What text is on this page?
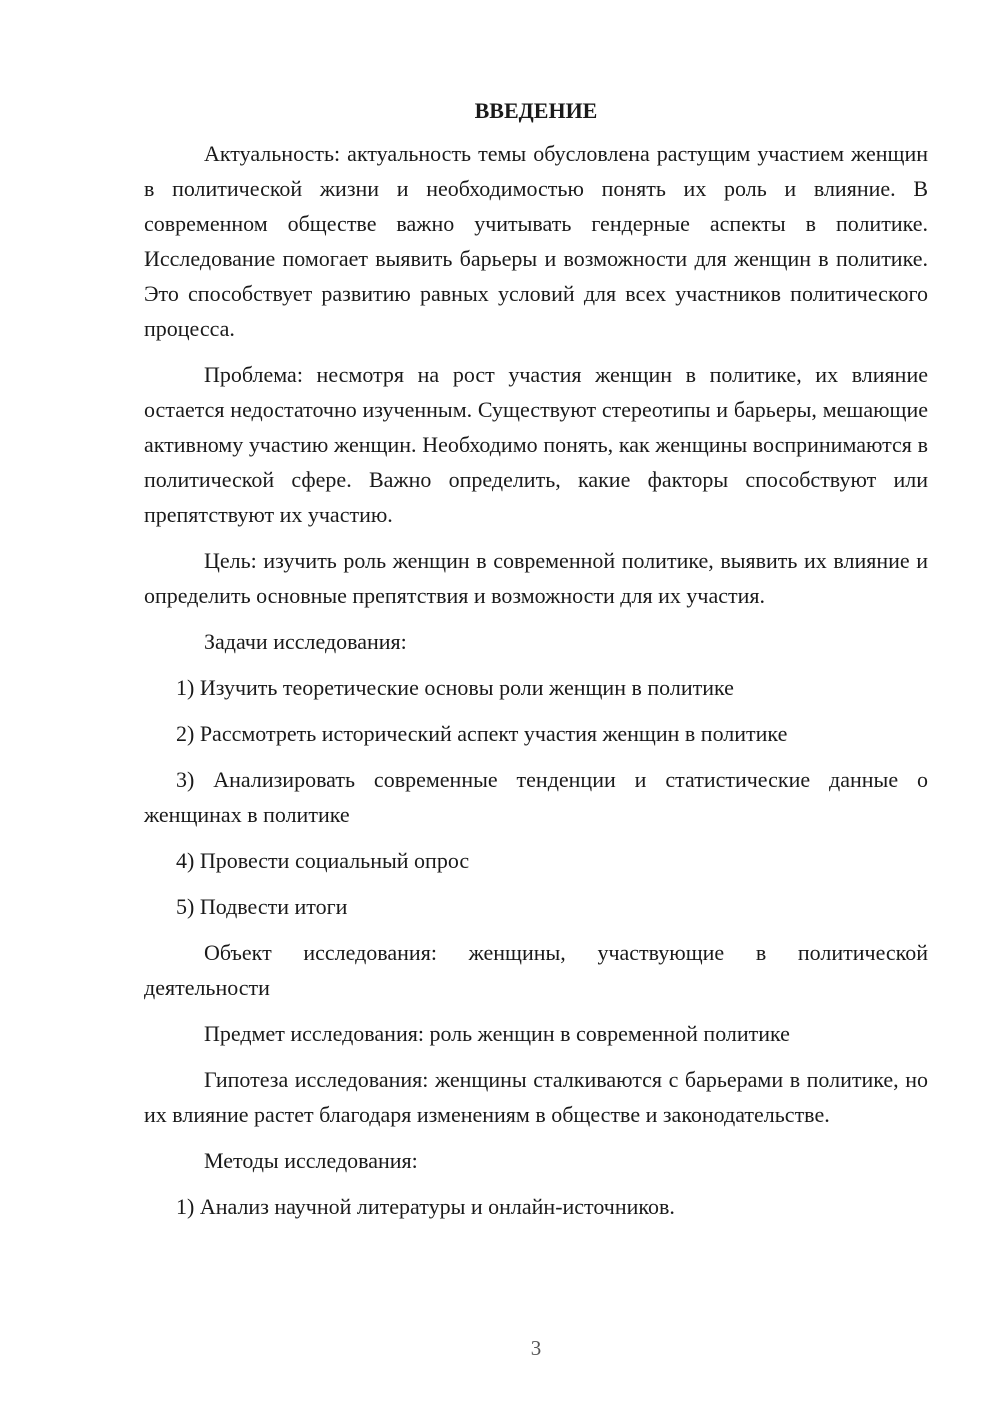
ВВЕДЕНИЕ

Актуальность: актуальность темы обусловлена растущим участием женщин в политической жизни и необходимостью понять их роль и влияние. В современном обществе важно учитывать гендерные аспекты в политике. Исследование помогает выявить барьеры и возможности для женщин в политике. Это способствует развитию равных условий для всех участников политического процесса.

Проблема: несмотря на рост участия женщин в политике, их влияние остается недостаточно изученным. Существуют стереотипы и барьеры, мешающие активному участию женщин. Необходимо понять, как женщины воспринимаются в политической сфере. Важно определить, какие факторы способствуют или препятствуют их участию.

Цель: изучить роль женщин в современной политике, выявить их влияние и определить основные препятствия и возможности для их участия.

Задачи исследования:

1) Изучить теоретические основы роли женщин в политике

2) Рассмотреть исторический аспект участия женщин в политике

3) Анализировать современные тенденции и статистические данные о женщинах в политике

4) Провести социальный опрос

5) Подвести итоги

Объект исследования: женщины, участвующие в политической деятельности

Предмет исследования: роль женщин в современной политике

Гипотеза исследования: женщины сталкиваются с барьерами в политике, но их влияние растет благодаря изменениям в обществе и законодательстве.

Методы исследования:

1) Анализ научной литературы и онлайн-источников.

3
